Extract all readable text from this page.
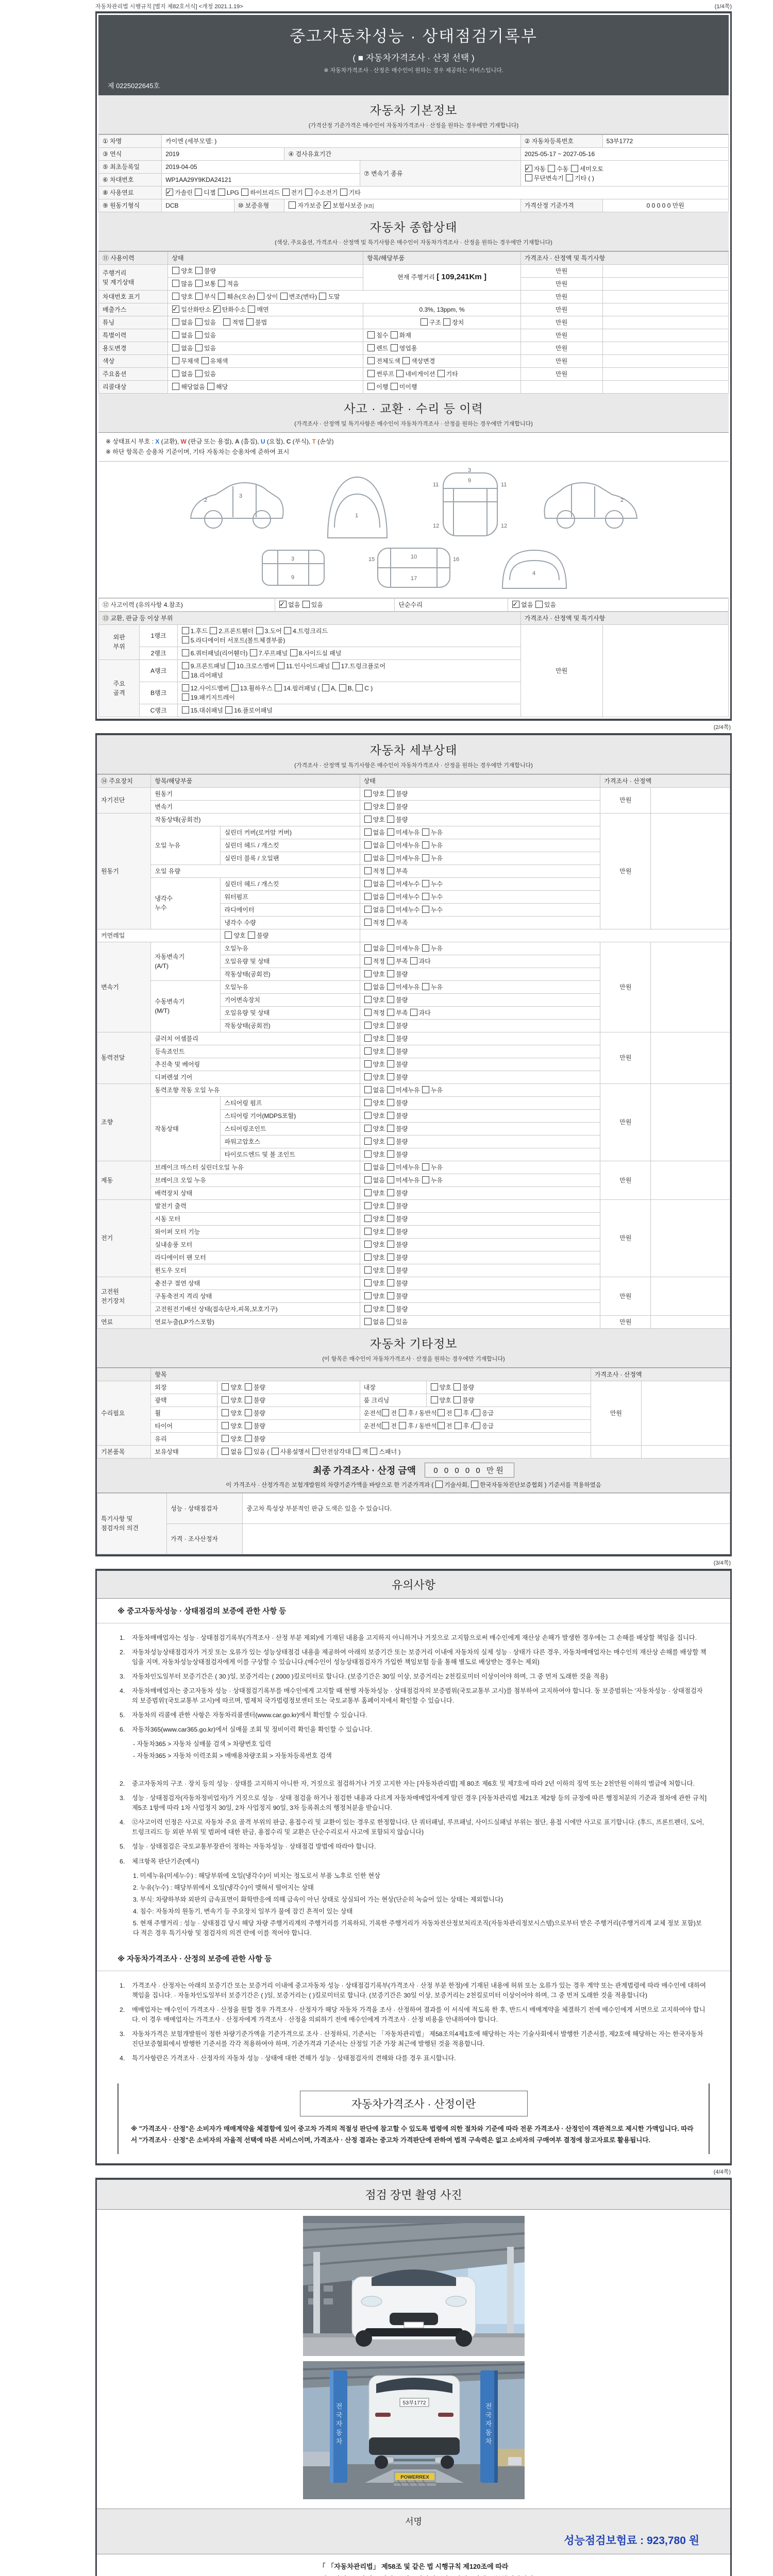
자동차관리법 시행규칙 [별지 제82호서식] <개정 2021.1.19>	(1/4쪽)
중고자동차성능 · 상태점검기록부
( ■ 자동차가격조사 · 산정 선택 )
※ 자동차가격조사 · 산정은 매수인이 원하는 경우 제공하는 서비스입니다.
제 0225022645호
자동차 기본정보
(가격산정 기준가격은 매수인이 자동차가격조사 · 산정을 원하는 경우에만 기재합니다)
① 차명	카이엔 (세부모델: )				② 자동차등록번호	53부1772
③ 연식	2019		④ 검사유효기간		2025-05-17 ~ 2027-05-16	
⑤ 최초등록일	2019-04-05			⑦ 변속기 종류	✓자동 수동 세미오토
무단변속기 기타 ( )
⑥ 차대번호	WP1AA29Y9KDA24121					
⑧ 사용연료	✓가솔린 디젤 LPG 하이브리드 전기 수소전기 기타
⑨ 원동기형식	DCB	⑩ 보증유형	자가보증 ✓ 보험사보증 [KB]		가격산정 기준가격	0 0 0 0 0 만원
자동차 종합상태
(색상, 주요옵션, 가격조사 · 산정액 및 특기사항은 매수인이 자동차가격조사 · 산정을 원하는 경우에만 기재합니다)
⑪ 사용이력	상태	항목/해당부품	가격조사 · 산정액 및 특기사항	
주행거리
및 계기상태	양호 불량	현재 주행거리 [ 109,241Km ]	만원	
	많음 보통 적음		만원	
차대번호 표기	양호 부식 훼손(오손) 상이 변조(변타) 도말		만원	
배출가스	✓일산화탄소 ✓ 탄화수소 매연	0.3%, 13ppm, %	만원	
튜닝	없음 있음 적법 불법	구조 장치	만원	
특별이력	없음 있음	침수 화재	만원	
용도변경	없음 있음	렌트 영업용	만원	
색상	무채색 유채색	전체도색 색상변경	만원	
주요옵션	없음 있음	썬루프 네비게이션 기타	만원	
리콜대상	해당없음 해당	이행 미이행		
사고 · 교환 · 수리 등 이력
(가격조사 · 산정액 및 특기사항은 매수인이 자동차가격조사 · 산정을 원하는 경우에만 기재합니다)
※ 상태표시 부호 : X (교환), W (판금 또는 용접), A (흠집), U (요철), C (부식), T (손상)
※ 하단 항목은 승용차 기준이며, 기타 자동차는 승용차에 준하여 표시
2
3
1
11	11
12	12
9
3
2
3
9
15	16
10
17
4
⑫ 사고이력 (유의사항 4.참조)	✓없음 있음	단순수리	✓없음 있음
⑬ 교환, 판금 등 이상 부위			가격조사 · 산정액 및 특기사항	
외판
부위	1랭크	1.후드 2.프론트휀더 3.도어 4.트렁크리드
5.라디에이터 서포트(볼트체결부품)	만원	
	2랭크	6.쿼터패널(리어휀더) 7.루프패널 8.사이드실 패널		
주요
골격	A랭크	9.프론트패널 10.크로스멤버 11.인사이드패널 17.트렁크플로어
18.리어패널		
	B랭크	12.사이드멤버 13.휠하우스 14.필러패널 ( A, B, C )
19.패키지트레이		
	C랭크	15.대쉬패널 16.플로어패널		
(2/4쪽)
자동차 세부상태
(가격조사 · 산정액 및 특기사항은 매수인이 자동차가격조사 · 산정을 원하는 경우에만 기재합니다)
⑭ 주요장치	항목/해당부품		상태	가격조사 · 산정액	
자기진단	원동기		양호 불량	만원	
	변속기		양호 불량		
원동기	작동상태(공회전)		양호 불량	만원	
	오일 누유	실린더 커버(로커암 커버)	없음 미세누유 누유		
		실린더 헤드 / 개스킷	없음 미세누유 누유		
		실린더 블록 / 오일팬	없음 미세누유 누유		
	오일 유량		적정 부족		
	냉각수
누수	실린더 헤드 / 개스킷	없음 미세누수 누수		
		워터펌프	없음 미세누수 누수		
		라디에이터	없음 미세누수 누수		
		냉각수 수량	적정 부족		
커먼레일		양호 불량			
변속기	자동변속기
(A/T)	오일누유	없음 미세누유 누유	만원	
		오일유량 및 상태	적정 부족 과다		
		작동상태(공회전)	양호 불량		
	수동변속기
(M/T)	오일누유	없음 미세누유 누유		
		기어변속장치	양호 불량		
		오일유량 및 상태	적정 부족 과다		
		작동상태(공회전)	양호 불량		
동력전달	클러치 어셈블리		양호 불량	만원	
	등속죠인트		양호 불량		
	추진축 및 베어링		양호 불량		
	디퍼렌셜 기어		양호 불량		
조향	동력조향 작동 오일 누유		없음 미세누유 누유	만원	
	작동상태	스티어링 펌프	양호 불량		
		스티어링 기어(MDPS포함)	양호 불량		
		스티어링조인트	양호 불량		
		파워고압호스	양호 불량		
		타이로드엔드 및 볼 조인트	양호 불량		
제동	브레이크 마스터 실린더오일 누유		없음 미세누유 누유	만원	
	브레이크 오일 누유		없음 미세누유 누유		
	배력장치 상태		양호 불량		
전기	발전기 출력		양호 불량	만원	
	시동 모터		양호 불량		
	와이퍼 모터 기능		양호 불량		
	실내송풍 모터		양호 불량		
	라디에이터 팬 모터		양호 불량		
	윈도우 모터		양호 불량		
고전원
전기장치	충전구 절연 상태		양호 불량	만원	
	구동축전지 격리 상태		양호 불량		
	고전원전기배선 상태(접속단자,피복,보호기구)		양호 불량		
연료	연료누출(LP가스포함)		없음 있음	만원	
자동차 기타정보
(이 항목은 매수인이 자동차가격조사 · 산정을 원하는 경우에만 기재합니다)
	항목				가격조사 · 산정액	
수리필요	외장	양호 불량	내장	양호 불량	만원	
	광택	양호 불량	룸 크리닝	양호 불량		
	휠	양호 불량	운전석 전 후 / 동반석 전 후 / 응급			
	타이어	양호 불량	운전석 전 후 / 동반석 전 후 / 응급			
	유리	양호 불량				
기본품목	보유상태	없음 있음 ( 사용설명서 안전삼각대 잭 스패너 )				
최종 가격조사 · 산정 금액 0 0 0 0 0 만원
이 가격조사 · 산정가격은 보험개발원의 차량기준가액을 바탕으로 한 기준가격과 ( 기술사회, 한국자동차진단보증협회 ) 기준서를 적용하였음
특기사항 및
점검자의 의견	성능 · 상태점검자	중고차 특성상 부분적인 판금 도색은 있을 수 있습니다.
	가격 · 조사산정자	
(3/4쪽)
유의사항
※ 중고자동차성능 · 상태점검의 보증에 관한 사항 등
1.	자동차매매업자는 성능 · 상태점검기록부(가격조사 · 산정 부분 제외)에 기재된 내용을 고지하지 아니하거나 거짓으로 고지함으로써 매수인에게 재산상 손해가 발생한 경우에는 그 손해를 배상할 책임을 집니다.
2.	자동차성능상태점검자가 거짓 또는 오류가 있는 성능상태점검 내용을 제공하여 아래의 보증기간 또는 보증거리 이내에 자동차의 실제 성능 · 상태가 다른 경우, 자동차매매업자는 매수인의 재산상 손해를 배상할 책임을 지며, 자동차성능상태점검자에게 이를 구상할 수 있습니다.(매수인이 성능상태점검자가 가입한 책임보험 등을 통해 별도로 배상받는 경우는 제외)
3.	자동차인도일부터 보증기간은 ( 30 )일, 보증거리는 ( 2000 )킬로미터로 합니다. (보증기간은 30일 이상, 보증거리는 2천킬로미터 이상이어야 하며, 그 중 먼저 도래한 것을 적용)
4.	자동차매매업자는 중고자동차 성능 · 상태점검기록부를 매수인에게 고지할 때 현행 자동차성능 · 상태점검자의 보증범위(국토교통부 고시)를 첨부하여 고지하여야 합니다. 동 보증범위는 '자동차성능 · 상태점검자의 보증범위'(국토교통부 고시)에 따르며, 법제처 국가법령정보센터 또는 국토교통부 홈페이지에서 확인할 수 있습니다.
5.	자동차의 리콜에 관한 사항은 자동차리콜센터(www.car.go.kr)에서 확인할 수 있습니다.
6.	자동차365(www.car365.go.kr)에서 실매물 조회 및 정비이력 확인을 확인할 수 있습니다.
- 자동차365 > 자동차 실매물 검색 > 차량번호 입력
- 자동차365 > 자동차 이력조회 > 매매용차량조회 > 자동차등록번호 검색
2.	중고자동차의 구조 · 장치 등의 성능 · 상태를 고지하지 아니한 자, 거짓으로 점검하거나 거짓 고지한 자는 [자동차관리법] 제 80조 제6호 및 제7호에 따라 2년 이하의 징역 또는 2천만원 이하의 벌금에 처합니다.
3.	성능 · 상태점검자(자동차정비업자)가 거짓으로 성능 · 상태 점검을 하거나 점검한 내용과 다르게 자동차매매업자에게 알린 경우 [자동차관리법 제21조 제2항 등의 규정에 따른 행정처분의 기준과 절차에 관한 규칙] 제5조 1항에 따라 1차 사업정지 30일, 2차 사업정지 90일, 3차 등록취소의 행정처분을 받습니다.
4.	⑫사고이력 인정은 사고로 자동차 주요 골격 부위의 판금, 용접수리 및 교환이 있는 경우로 한정합니다. 단 쿼터패널, 루프패널, 사이드실패널 부위는 절단, 용접 시에만 사고로 표기합니다. (후드, 프론트펜더, 도어, 트렁크리드 등 외판 부위 및 범퍼에 대한 판금, 용접수리 및 교환은 단순수리로서 사고에 포함되지 않습니다)
5.	성능 · 상태점검은 국토교통부장관이 정하는 자동차성능 · 상태점검 방법에 따라야 합니다.
6.	체크항목 판단기준(예시)
1. 미세누유(미세누수) : 해당부위에 오일(냉각수)이 비치는 정도로서 부품 노후로 인한 현상
2. 누유(누수) : 해당부위에서 오일(냉각수)이 맺혀서 떨어지는 상태
3. 부식: 차량하부와 외판의 금속표면이 화학반응에 의해 금속이 아닌 상태로 상실되어 가는 현상(단순히 녹슬어 있는 상태는 제외합니다)
4. 침수: 자동차의 원동기, 변속기 등 주요장치 일부가 물에 잠긴 흔적이 있는 상태
5. 현재 주행거리 : 성능 · 상태점검 당시 해당 차량 주행거리계의 주행거리를 기록하되, 기록한 주행거리가 자동차전산정보처리조직(자동차관리정보시스템)으로부터 받은 주행거리(주행거리계 교체 정보 포함)보다 적은 경우 특기사항 및 점검자의 의견 란에 이를 적어야 합니다.
※ 자동차가격조사 · 산정의 보증에 관한 사항 등
1.	가격조사 · 산정자는 아래의 보증기간 또는 보증거리 이내에 중고자동차 성능 · 상태점검기록부(가격조사 · 산정 부분 한정)에 기재된 내용에 허위 또는 오류가 있는 경우 계약 또는 관계법령에 따라 매수인에 대하여 책임을 집니다. · 자동차인도일부터 보증기간은 ( )일, 보증거리는 ( )킬로미터로 합니다. (보증기간은 30일 이상, 보증거리는 2천킬로미터 이상이어야 하며, 그 중 먼저 도래한 것을 적용합니다)
2.	매매업자는 매수인이 가격조사 · 산정을 원할 경우 가격조사 · 산정자가 해당 자동차 가격을 조사 · 산정하여 결과를 이 서식에 적도록 한 후, 반드시 매매계약을 체결하기 전에 매수인에게 서면으로 고지하여야 합니다. 이 경우 매매업자는 가격조사 · 산정자에게 가격조사 · 산정을 의뢰하기 전에 매수인에게 가격조사 · 산정 비용을 안내하여야 합니다.
3.	자동차가격은 보험개발원이 정한 차량기준가액을 기준가격으로 조사 · 산정하되, 기준서는 「자동차관리법」 제58조의4제1호에 해당하는 자는 기술사회에서 발행한 기준서를, 제2호에 해당하는 자는 한국자동차진단보증협회에서 발행한 기준서를 각각 적용하여야 하며, 기준가격과 기준서는 산정일 기준 가장 최근에 발행된 것을 적용합니다.
4.	특기사항란은 가격조사 · 산정자의 자동차 성능 · 상태에 대한 견해가 성능 · 상태점검자의 견해와 다를 경우 표시합니다.
자동차가격조사 · 산정이란
※ "가격조사 · 산정"은 소비자가 매매계약을 체결함에 있어 중고차 가격의 적절성 판단에 참고할 수 있도록 법령에 의한 절차와 기준에 따라 전문 가격조사 · 산정인이 객관적으로 제시한 가액입니다. 따라서 "가격조사 · 산정"은 소비자의 자율적 선택에 따른 서비스이며, 가격조사 · 산정 결과는 중고차 가격판단에 관하여 법적 구속력은 없고 소비자의 구매여부 결정에 참고자료로 활용됩니다.
(4/4쪽)
점검 장면 촬영 사진
전 국 자 동 차
전 국 자 동 차
53부1772
POWERREX
서명
성능점검보험료 : 923,780 원
「 「자동차관리법」 제58조 및 같은 법 시행규칙 제120조에 따라
